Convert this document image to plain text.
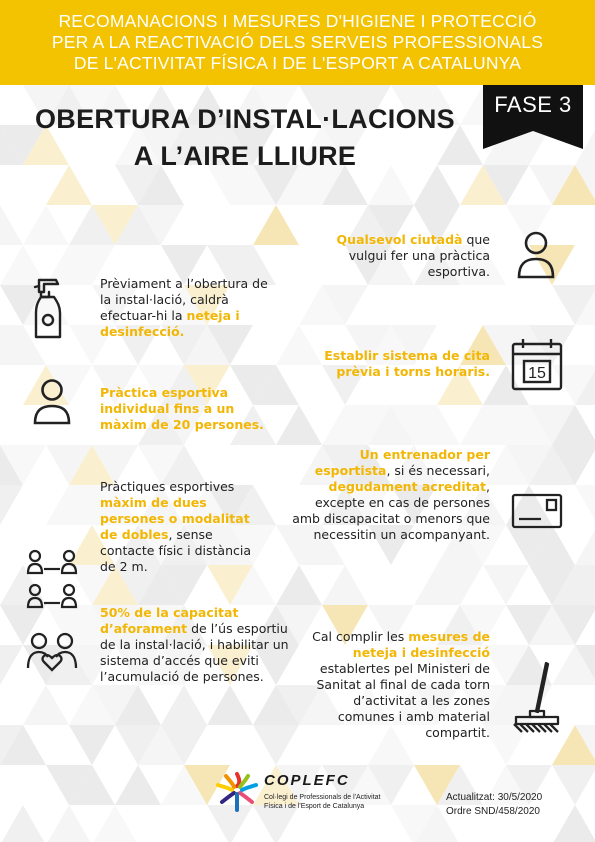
RECOMANACIONS I MESURES D'HIGIENE I PROTECCIÓ
PER A LA REACTIVACIÓ DELS SERVEIS PROFESSIONALS
DE L'ACTIVITAT FÍSICA I DE L'ESPORT A CATALUNYA
OBERTURA D’INSTAL·LACIONS
A L’AIRE LLIURE
FASE 3
Prèviament a l’obertura de la instal·lació, caldrà efectuar-hi la neteja i desinfecció.
Pràctica esportiva individual fins a un màxim de 20 persones.
Pràctiques esportives màxim de dues persones o modalitat de dobles, sense contacte físic i distància de 2 m.
50% de la capacitat d’aforament de l’ús esportiu de la instal·lació, i habilitar un sistema d’accés que eviti l’acumulació de persones.
Qualsevol ciutadà que vulgui fer una pràctica esportiva.
Establir sistema de cita prèvia i torns horaris. 15
Un entrenador per esportista, si és necessari, degudament acreditat, excepte en cas de persones amb discapacitat o menors que necessitin un acompanyant.
Cal complir les mesures de neteja i desinfecció establertes pel Ministeri de Sanitat al final de cada torn d’activitat a les zones comunes i amb material compartit.
COPLEFC
Col·legi de Professionals de l'Activitat
Física i de l'Esport de Catalunya
Actualitzat: 30/5/2020
Ordre SND/458/2020
